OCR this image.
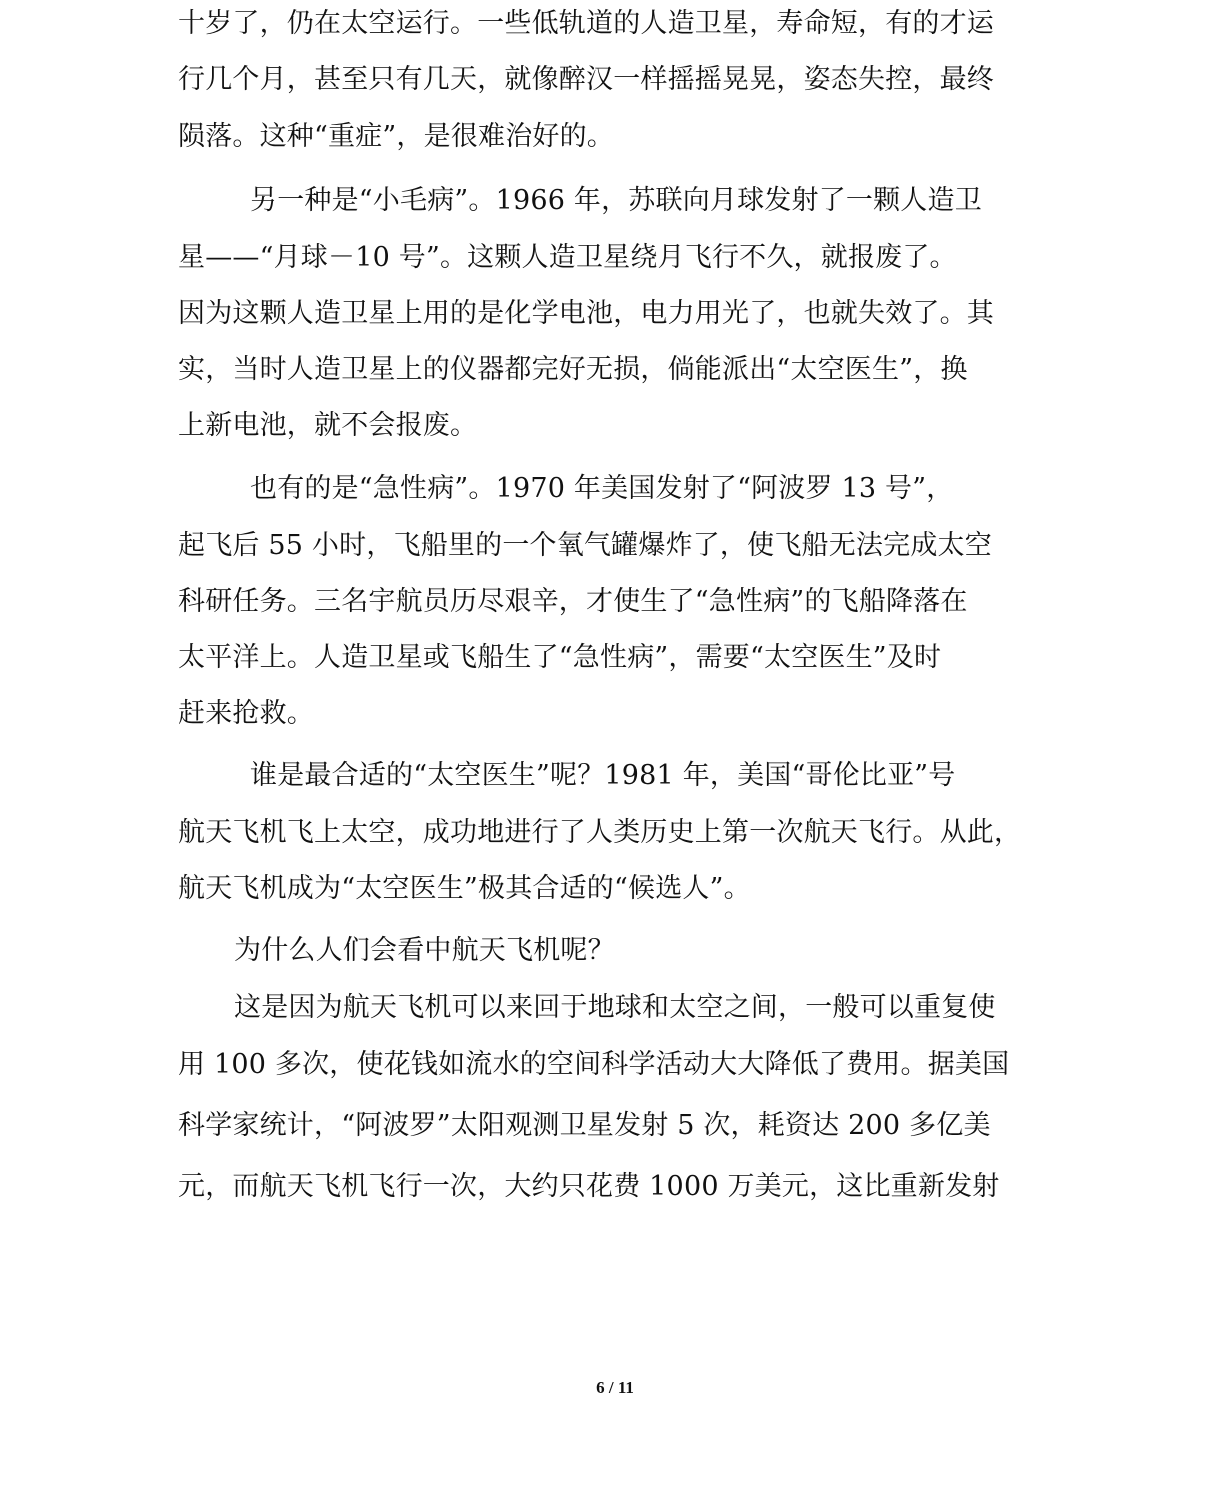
十岁了，仍在太空运行。一些低轨道的人造卫星，寿命短，有的才运
行几个月，甚至只有几天，就像醉汉一样摇摇晃晃，姿态失控，最终
陨落。这种“重症”，是很难治好的。
另一种是“小毛病”。1966 年，苏联向月球发射了一颗人造卫
星——“月球－10 号”。这颗人造卫星绕月飞行不久，就报废了。
因为这颗人造卫星上用的是化学电池，电力用光了，也就失效了。其
实，当时人造卫星上的仪器都完好无损，倘能派出“太空医生”，换
上新电池，就不会报废。
也有的是“急性病”。1970 年美国发射了“阿波罗 13 号”，
起飞后 55 小时，飞船里的一个氧气罐爆炸了，使飞船无法完成太空
科研任务。三名宇航员历尽艰辛，才使生了“急性病”的飞船降落在
太平洋上。人造卫星或飞船生了“急性病”，需要“太空医生”及时
赶来抢救。
谁是最合适的“太空医生”呢？1981 年，美国“哥伦比亚”号
航天飞机飞上太空，成功地进行了人类历史上第一次航天飞行。从此，
航天飞机成为“太空医生”极其合适的“候选人”。
为什么人们会看中航天飞机呢？
这是因为航天飞机可以来回于地球和太空之间，一般可以重复使
用 100 多次，使花钱如流水的空间科学活动大大降低了费用。据美国
科学家统计，“阿波罗”太阳观测卫星发射 5 次，耗资达 200 多亿美
元，而航天飞机飞行一次，大约只花费 1000 万美元，这比重新发射
6 / 11
